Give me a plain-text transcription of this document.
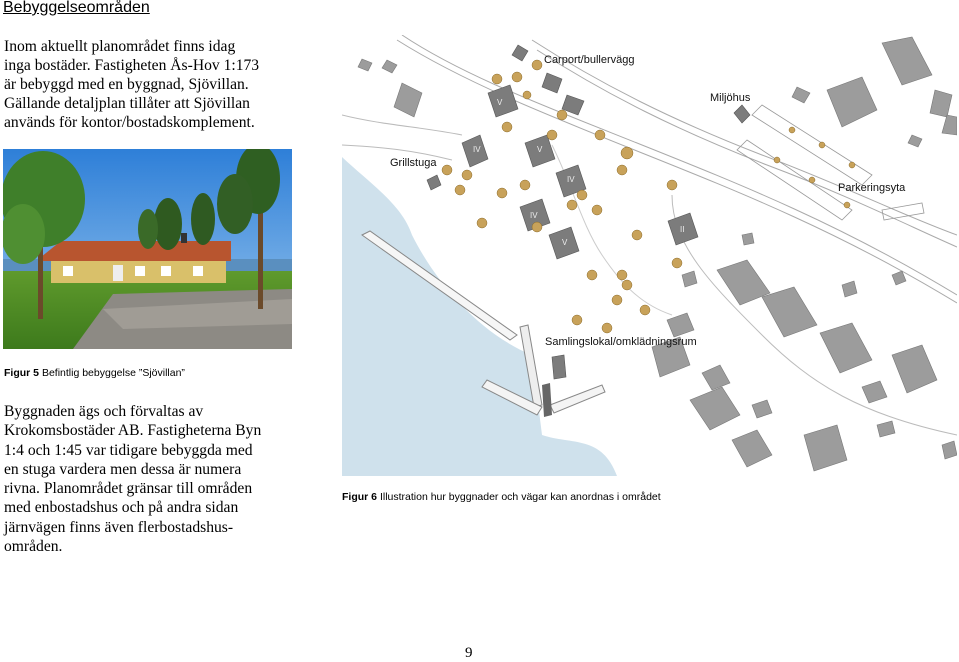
Bebyggelseområden
Inom aktuellt planområdet finns idag
inga bostäder. Fastigheten Ås-Hov 1:173
är bebyggd med en byggnad, Sjövillan.
Gällande detaljplan tillåter att Sjövillan
används för kontor/bostadskomplement.
Figur 5 Befintlig bebyggelse ”Sjövillan”
Byggnaden ägs och förvaltas av
Krokomsbostäder AB. Fastigheterna Byn
1:4 och 1:45 var tidigare bebyggda med
en stuga vardera men dessa är numera
rivna. Planområdet gränsar till områden
med enbostadshus och på andra sidan
järnvägen finns även flerbostadshus-
områden.
Carport/bullervägg
Miljöhus
Grillstuga
Parkeringsyta
Samlingslokal/omklädningsrum
V
IV	V
IV
IV
V
II
Figur 6 Illustration hur byggnader och vägar kan anordnas i området
9
